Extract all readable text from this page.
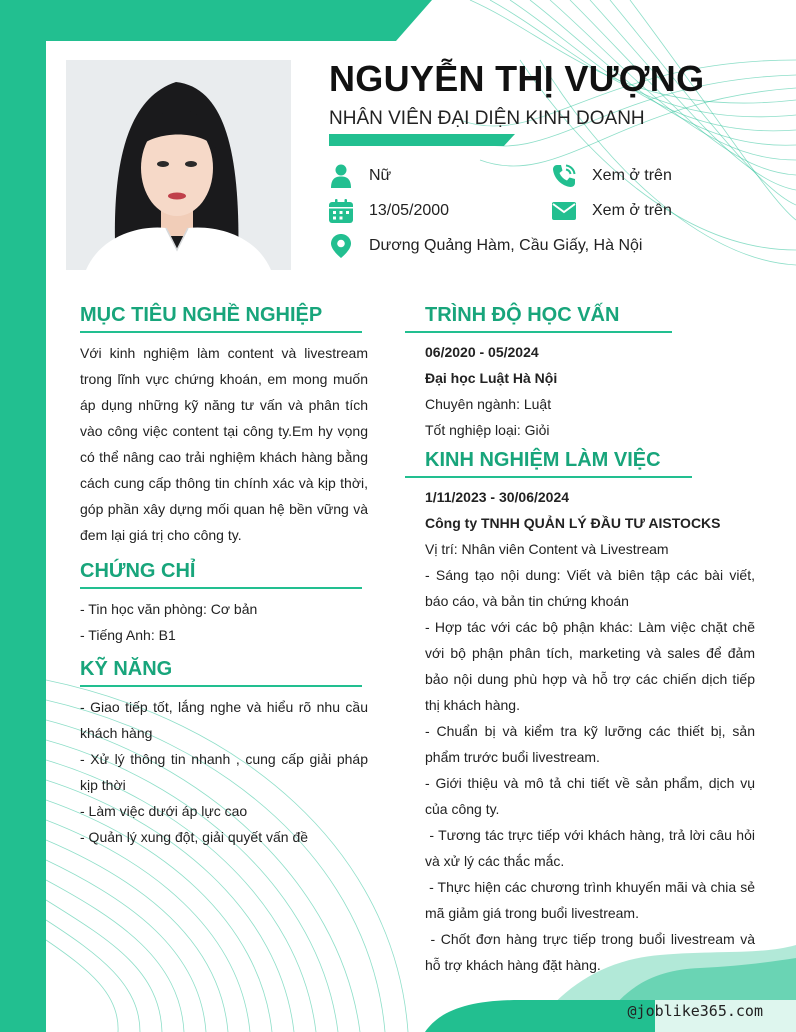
NGUYỄN THỊ VƯỢNG
NHÂN VIÊN ĐẠI DIỆN KINH DOANH
Nữ
13/05/2000
Dương Quảng Hàm, Cầu Giấy, Hà Nội
Xem ở trên
Xem ở trên
MỤC TIÊU NGHỀ NGHIỆP
Với kinh nghiệm làm content và livestream trong lĩnh vực chứng khoán, em mong muốn áp dụng những kỹ năng tư vấn và phân tích vào công việc content tại công ty.Em hy vọng có thể nâng cao trải nghiệm khách hàng bằng cách cung cấp thông tin chính xác và kịp thời, góp phần xây dựng mối quan hệ bền vững và đem lại giá trị cho công ty.
CHỨNG CHỈ
- Tin học văn phòng: Cơ bản
- Tiếng Anh: B1
KỸ NĂNG
- Giao tiếp tốt, lắng nghe và hiểu rõ nhu cầu khách hàng
- Xử lý thông tin nhanh , cung cấp giải pháp kịp thời
- Làm việc dưới áp lực cao
- Quản lý xung đột, giải quyết vấn đề
TRÌNH ĐỘ HỌC VẤN
06/2020 - 05/2024
Đại học Luật Hà Nội
Chuyên ngành: Luật
Tốt nghiệp loại: Giỏi
KINH NGHIỆM LÀM VIỆC
1/11/2023 - 30/06/2024
Công ty TNHH QUẢN LÝ ĐẦU TƯ AISTOCKS
Vị trí: Nhân viên Content và Livestream
- Sáng tạo nội dung: Viết và biên tập các bài viết, báo cáo, và bản tin chứng khoán
- Hợp tác với các bộ phận khác: Làm việc chặt chẽ với bộ phận phân tích, marketing và sales để đảm bảo nội dung phù hợp và hỗ trợ các chiến dịch tiếp thị khách hàng.
- Chuẩn bị và kiểm tra kỹ lưỡng các thiết bị, sản phẩm trước buổi livestream.
- Giới thiệu và mô tả chi tiết về sản phẩm, dịch vụ của công ty.
- Tương tác trực tiếp với khách hàng, trả lời câu hỏi và xử lý các thắc mắc.
- Thực hiện các chương trình khuyến mãi và chia sẻ mã giảm giá trong buổi livestream.
- Chốt đơn hàng trực tiếp trong buổi livestream và hỗ trợ khách hàng đặt hàng.
@joblike365.com
